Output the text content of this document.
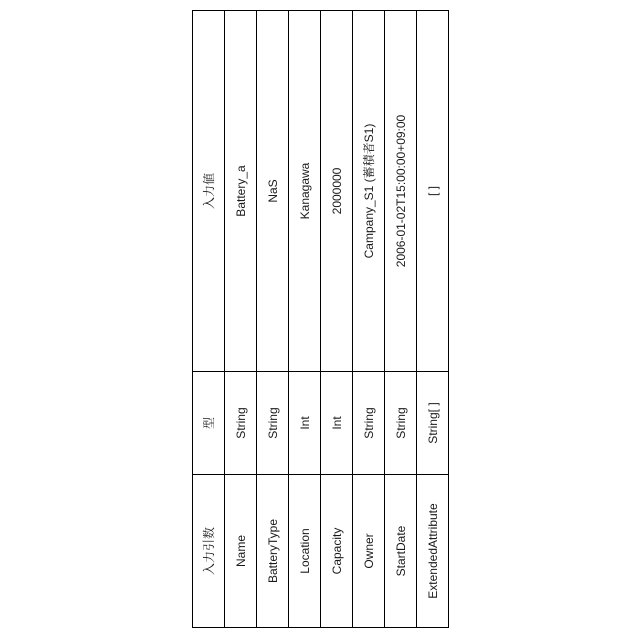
入力引数	型	入力値
Name	String	Battery_a
BatteryType	String	NaS
Location	Int	Kanagawa
Capacity	Int	2000000
Owner	String	Campany_S1 (蓄積者S1)
StartDate	String	2006-01-02T15:00:00+09:00
ExtendedAttribute	String[ ]	[ ]
